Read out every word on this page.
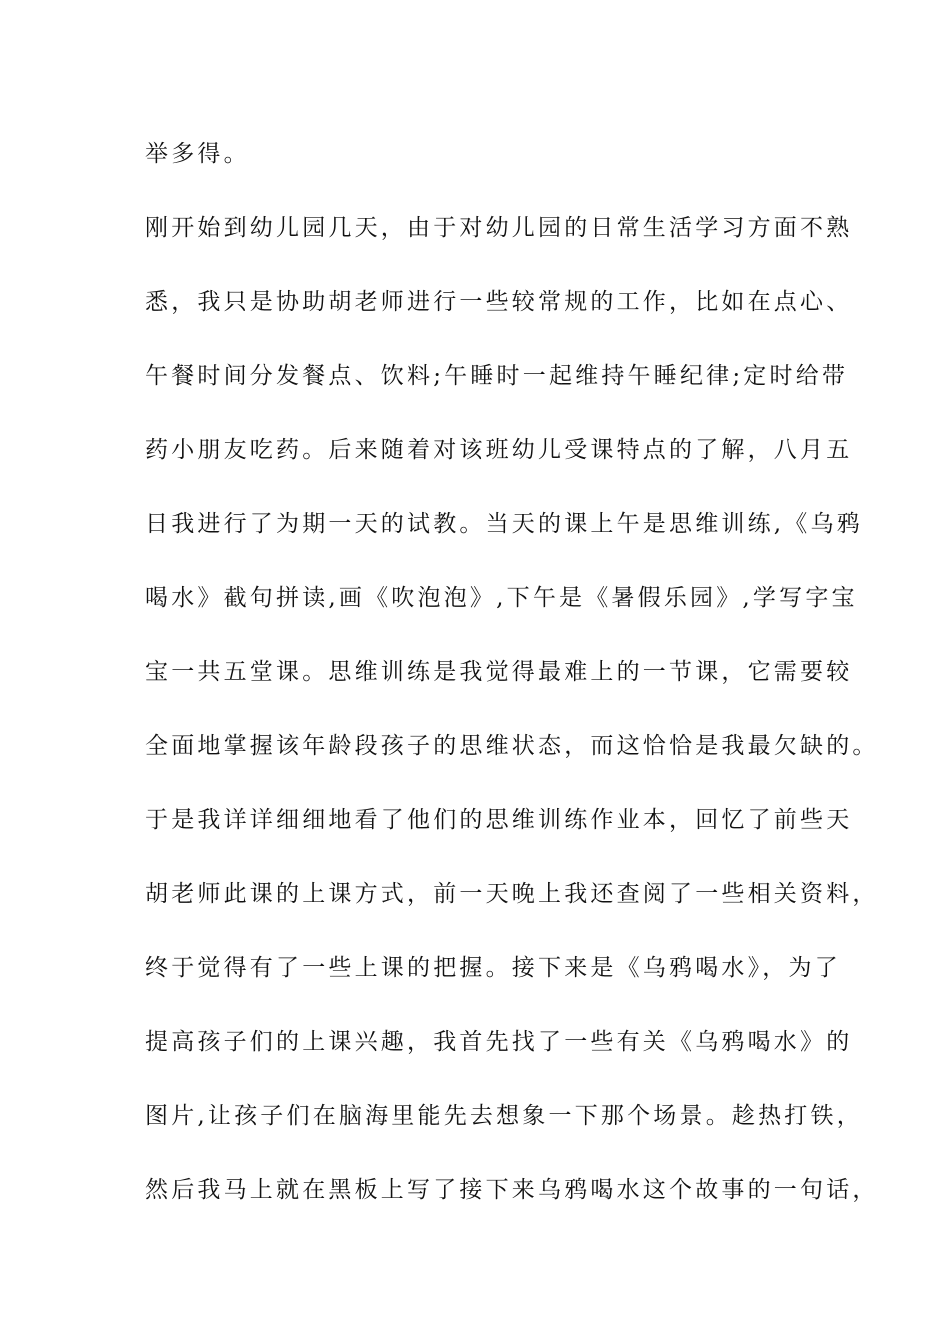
举多得。
刚开始到幼儿园几天，由于对幼儿园的日常生活学习方面不熟
悉，我只是协助胡老师进行一些较常规的工作，比如在点心、
午餐时间分发餐点、饮料;午睡时一起维持午睡纪律;定时给带
药小朋友吃药。后来随着对该班幼儿受课特点的了解，八月五
日我进行了为期一天的试教。当天的课上午是思维训练,《乌鸦
喝水》截句拼读,画《吹泡泡》,下午是《暑假乐园》,学写字宝
宝一共五堂课。思维训练是我觉得最难上的一节课，它需要较
全面地掌握该年龄段孩子的思维状态，而这恰恰是我最欠缺的。
于是我详详细细地看了他们的思维训练作业本，回忆了前些天
胡老师此课的上课方式，前一天晚上我还查阅了一些相关资料，
终于觉得有了一些上课的把握。接下来是《乌鸦喝水》，为了
提高孩子们的上课兴趣，我首先找了一些有关《乌鸦喝水》的
图片,让孩子们在脑海里能先去想象一下那个场景。趁热打铁，
然后我马上就在黑板上写了接下来乌鸦喝水这个故事的一句话，
